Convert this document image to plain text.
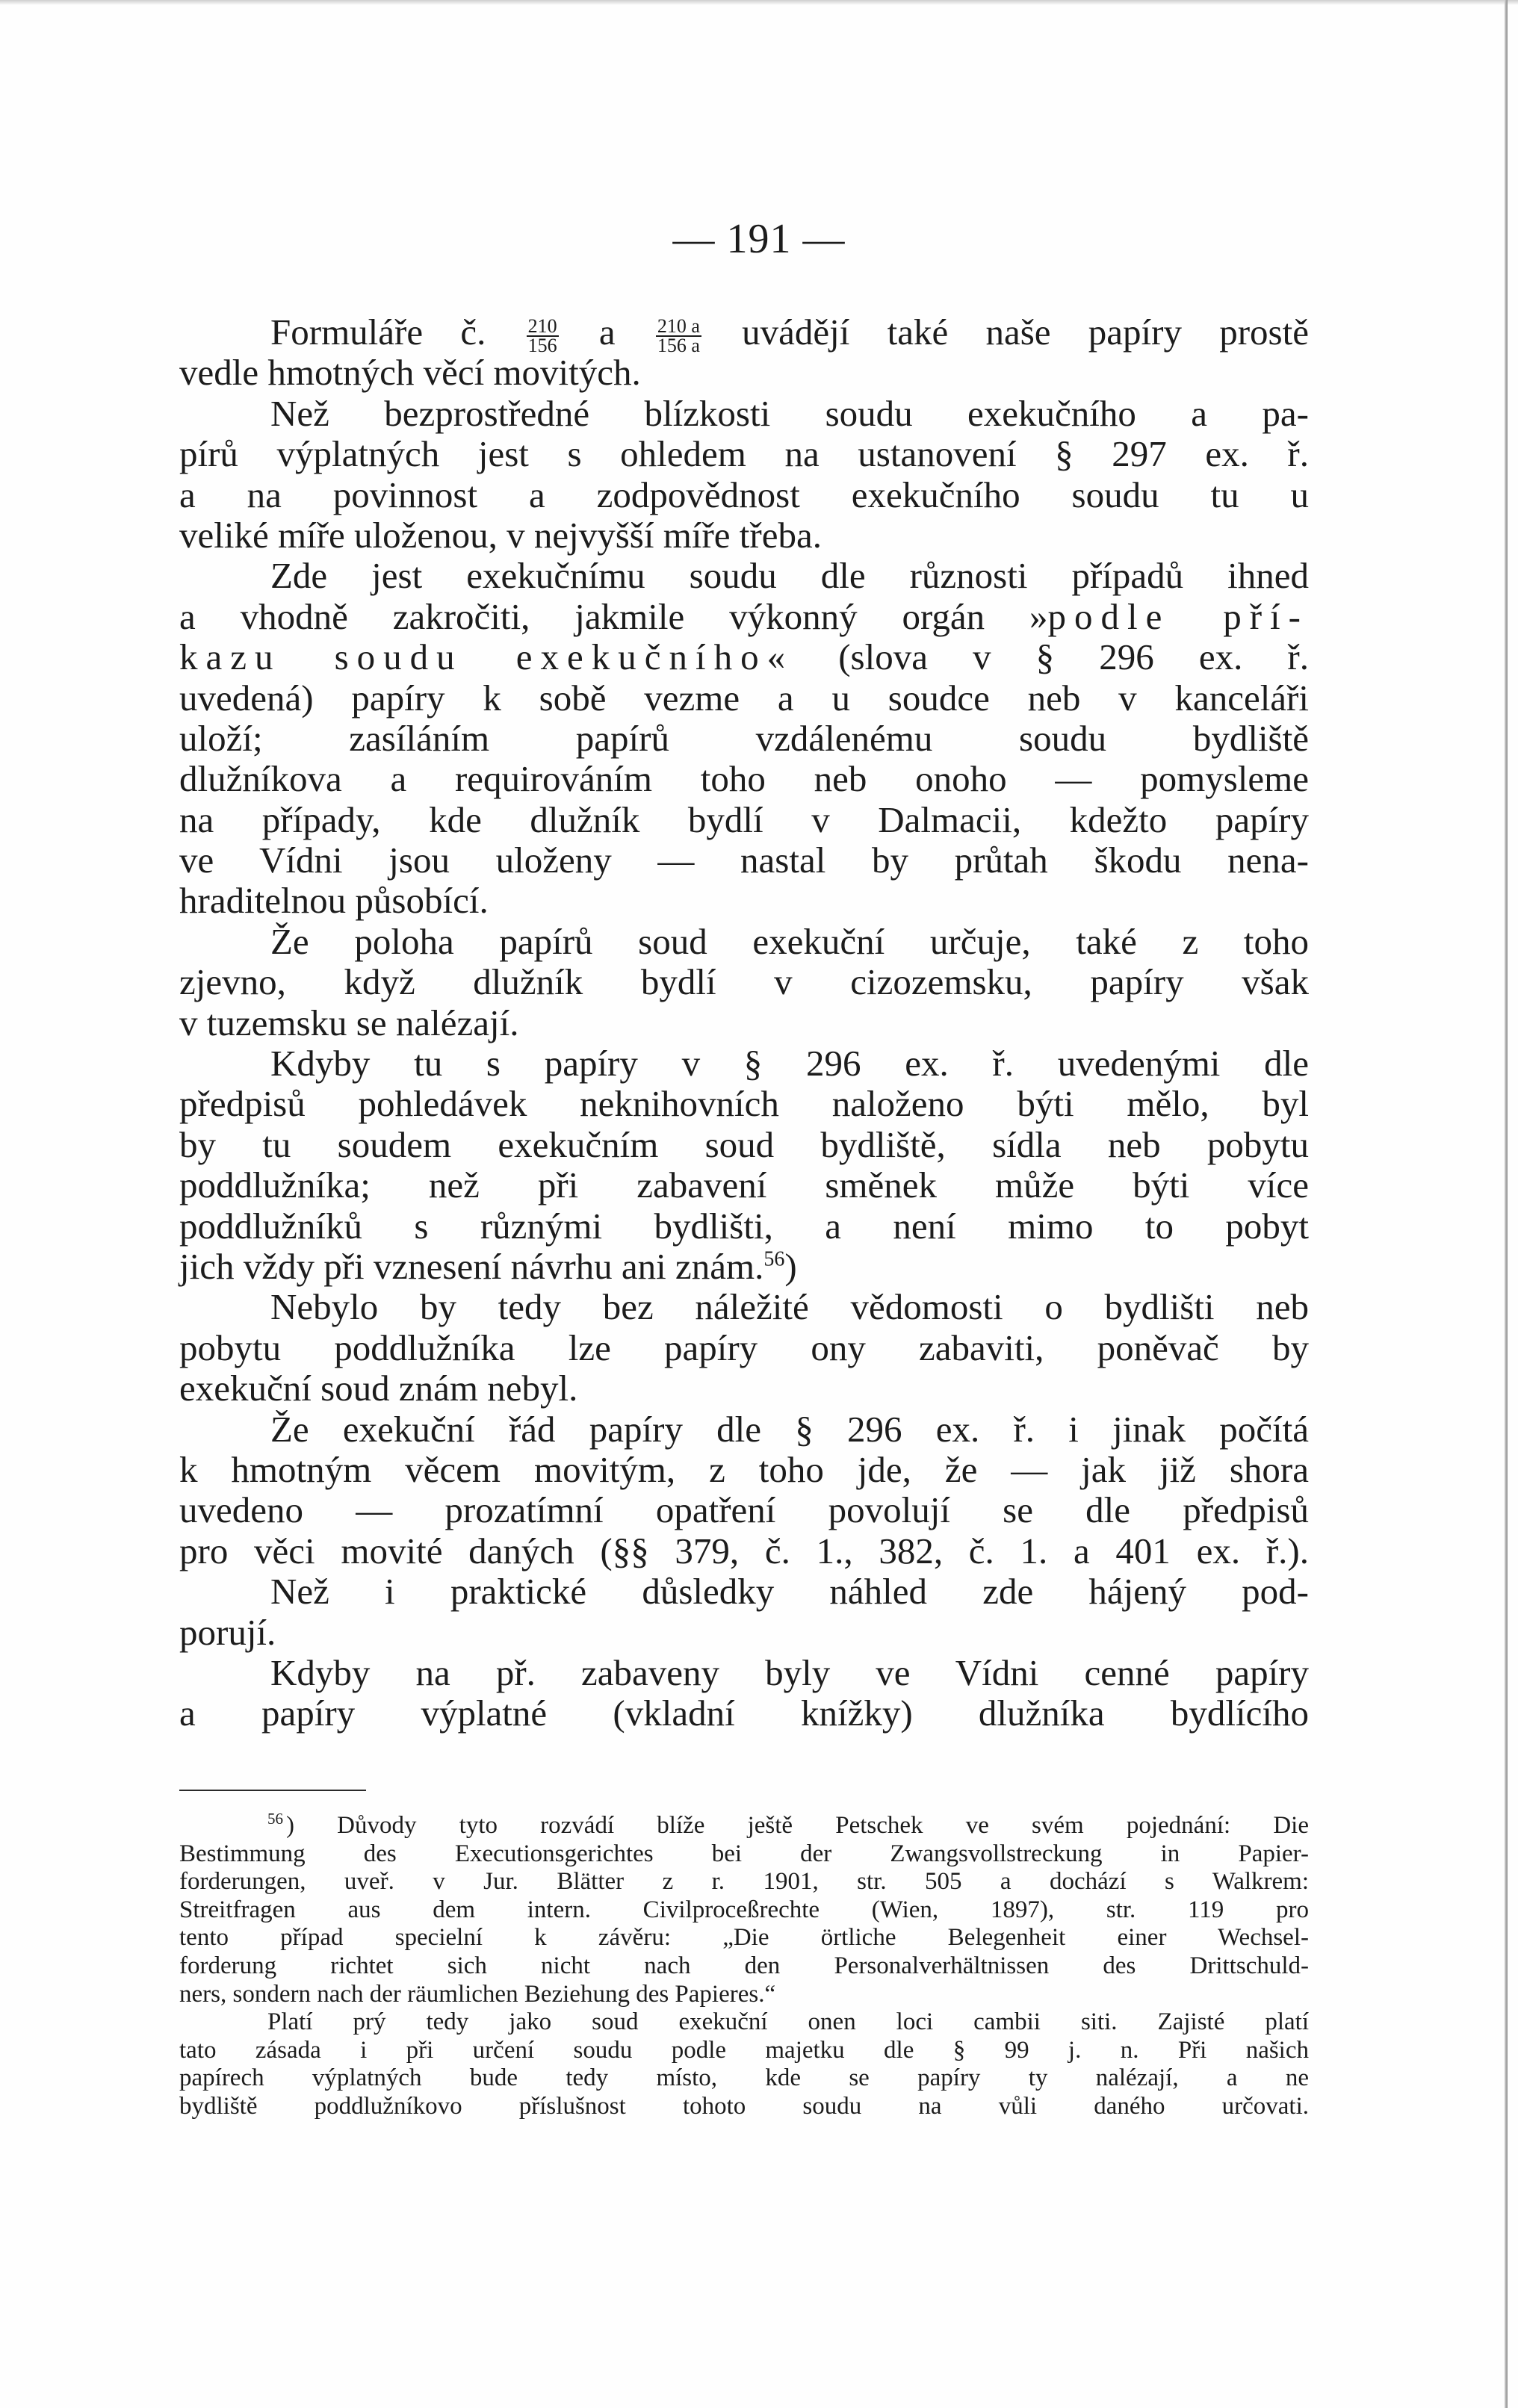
— 191 —
Formuláře č. $\frac{210}{156}$ a $\frac{210 a}{156 a}$ uvádějí také naše papíry prostě
vedle hmotných věcí movitých.
Než bezprostředné blízkosti soudu exekučního a pa-
pírů výplatných jest s ohledem na ustanovení § 297 ex. ř.
a na povinnost a zodpovědnost exekučního soudu tu u
veliké míře uloženou, v nejvyšší míře třeba.
Zde jest exekučnímu soudu dle různosti případů ihned
a vhodně zakročiti, jakmile výkonný orgán »podle pří-
kazu soudu exekučního« (slova v § 296 ex. ř.
uvedená) papíry k sobě vezme a u soudce neb v kanceláři
uloží; zasíláním papírů vzdálenému soudu bydliště
dlužníkova a requirováním toho neb onoho — pomysleme
na případy, kde dlužník bydlí v Dalmacii, kdežto papíry
ve Vídni jsou uloženy — nastal by průtah škodu nena-
hraditelnou působící.
Že poloha papírů soud exekuční určuje, také z toho
zjevno, když dlužník bydlí v cizozemsku, papíry však
v tuzemsku se nalézají.
Kdyby tu s papíry v § 296 ex. ř. uvedenými dle
předpisů pohledávek neknihovních naloženo býti mělo, byl
by tu soudem exekučním soud bydliště, sídla neb pobytu
poddlužníka; než při zabavení směnek může býti více
poddlužníků s různými bydlišti, a není mimo to pobyt
jich vždy při vznesení návrhu ani znám.$^{56}$)
Nebylo by tedy bez náležité vědomosti o bydlišti neb
pobytu poddlužníka lze papíry ony zabaviti, poněvač by
exekuční soud znám nebyl.
Že exekuční řád papíry dle § 296 ex. ř. i jinak počítá
k hmotným věcem movitým, z toho jde, že — jak již shora
uvedeno — prozatímní opatření povolují se dle předpisů
pro věci movité daných (§§ 379, č. 1., 382, č. 1. a 401 ex. ř.).
Než i praktické důsledky náhled zde hájený pod-
porují.
Kdyby na př. zabaveny byly ve Vídni cenné papíry
a papíry výplatné (vkladní knížky) dlužníka bydlícího
$^{56}$ ) Důvody tyto rozvádí blíže ještě Petschek ve svém pojednání: Die
Bestimmung des Executionsgerichtes bei der Zwangsvollstreckung in Papier-
forderungen, uveř. v Jur. Blätter z r. 1901, str. 505 a dochází s Walkrem:
Streitfragen aus dem intern. Civilproceßrechte (Wien, 1897), str. 119 pro
tento případ specielní k závěru: „Die örtliche Belegenheit einer Wechsel-
forderung richtet sich nicht nach den Personalverhältnissen des Drittschuld-
ners, sondern nach der räumlichen Beziehung des Papieres.“
Platí prý tedy jako soud exekuční onen loci cambii siti. Zajisté platí
tato zásada i při určení soudu podle majetku dle § 99 j. n. Při našich
papírech výplatných bude tedy místo, kde se papíry ty nalézají, a ne
bydliště poddlužníkovo příslušnost tohoto soudu na vůli daného určovati.
